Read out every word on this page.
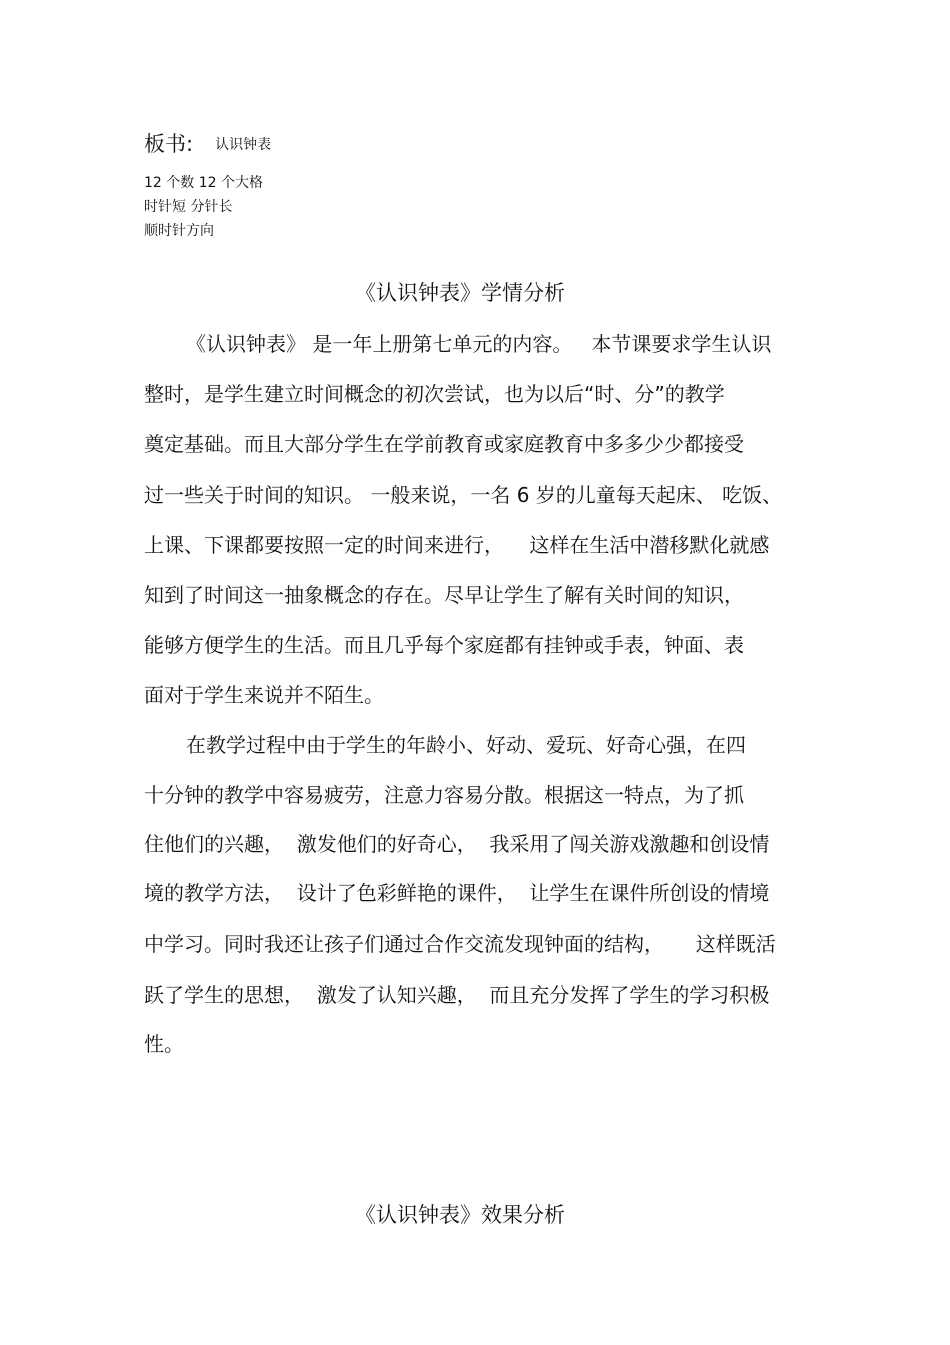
板书: 认识钟表
12 个数 12 个大格
时针短 分针长
顺时针方向
《认识钟表》学情分析
《认识钟表》 是一年上册第七单元的内容。   本节课要求学生认识
整时，是学生建立时间概念的初次尝试，也为以后“时、分”的教学
奠定基础。而且大部分学生在学前教育或家庭教育中多多少少都接受
过一些关于时间的知识。 一般来说，一名 6 岁的儿童每天起床、 吃饭、
上课、下课都要按照一定的时间来进行，    这样在生活中潜移默化就感
知到了时间这一抽象概念的存在。尽早让学生了解有关时间的知识，
能够方便学生的生活。而且几乎每个家庭都有挂钟或手表，钟面、表
面对于学生来说并不陌生。
在教学过程中由于学生的年龄小、好动、爱玩、好奇心强，在四
十分钟的教学中容易疲劳，注意力容易分散。根据这一特点，为了抓
住他们的兴趣，  激发他们的好奇心，  我采用了闯关游戏激趣和创设情
境的教学方法，  设计了色彩鲜艳的课件，  让学生在课件所创设的情境
中学习。同时我还让孩子们通过合作交流发现钟面的结构，     这样既活
跃了学生的思想，  激发了认知兴趣，  而且充分发挥了学生的学习积极
性。
《认识钟表》效果分析
